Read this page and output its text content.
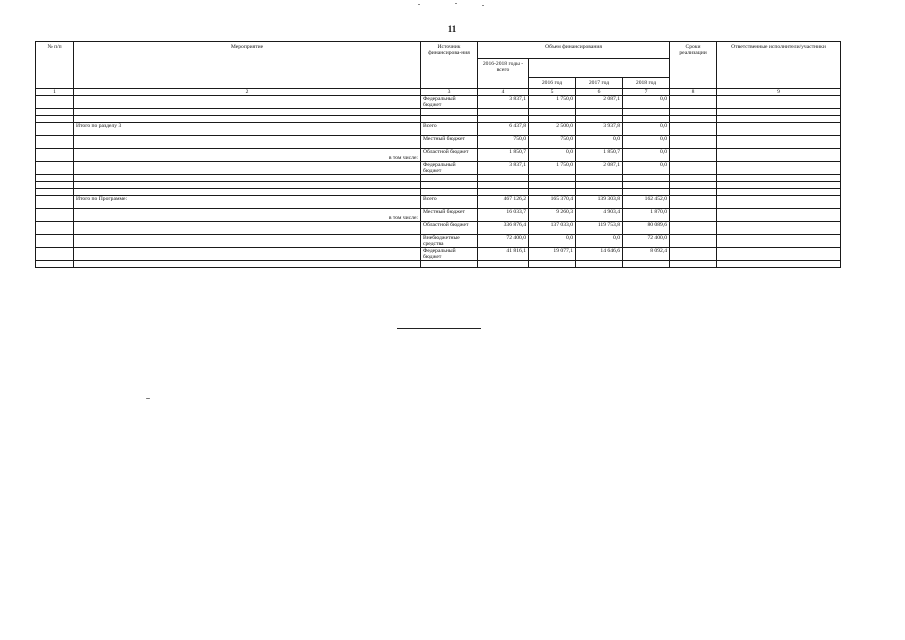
11
№ п/п	Мероприятие	Источник финансирова-ния	Объем финансирования				Сроки реализации	Ответственные исполнители/участники
			2016-2018 годы - всего					
				2016 год	2017 год	2018 год		
1	2	3	4	5	6	7	8	9
		Федеральный бюджет	3 837,1	1 750,0	2 087,1	0,0		

	Итого по разделу 3	Всего	6 437,8	2 500,0	3 937,8	0,0		
		Местный бюджет	750,0	750,0	0,0	0,0		
	в том числе:	Областной бюджет	1 850,7	0,0	1 850,7	0,0		
		Федеральный бюджет	3 837,1	1 750,0	2 087,1	0,0		

	Итого по Программе:	Всего	467 126,2	165 370,4	139 303,8	162 452,0		
	в том числе:	Местный бюджет	16 033,7	9 260,3	4 903,4	1 870,0		
		Областной бюджет	336 876,4	137 033,0	119 753,8	80 089,6		
		Внебюджетные средства	72 400,0	0,0	0,0	72 400,0		
		Федеральный бюджет	41 816,1	19 077,1	14 646,6	8 092,4		
